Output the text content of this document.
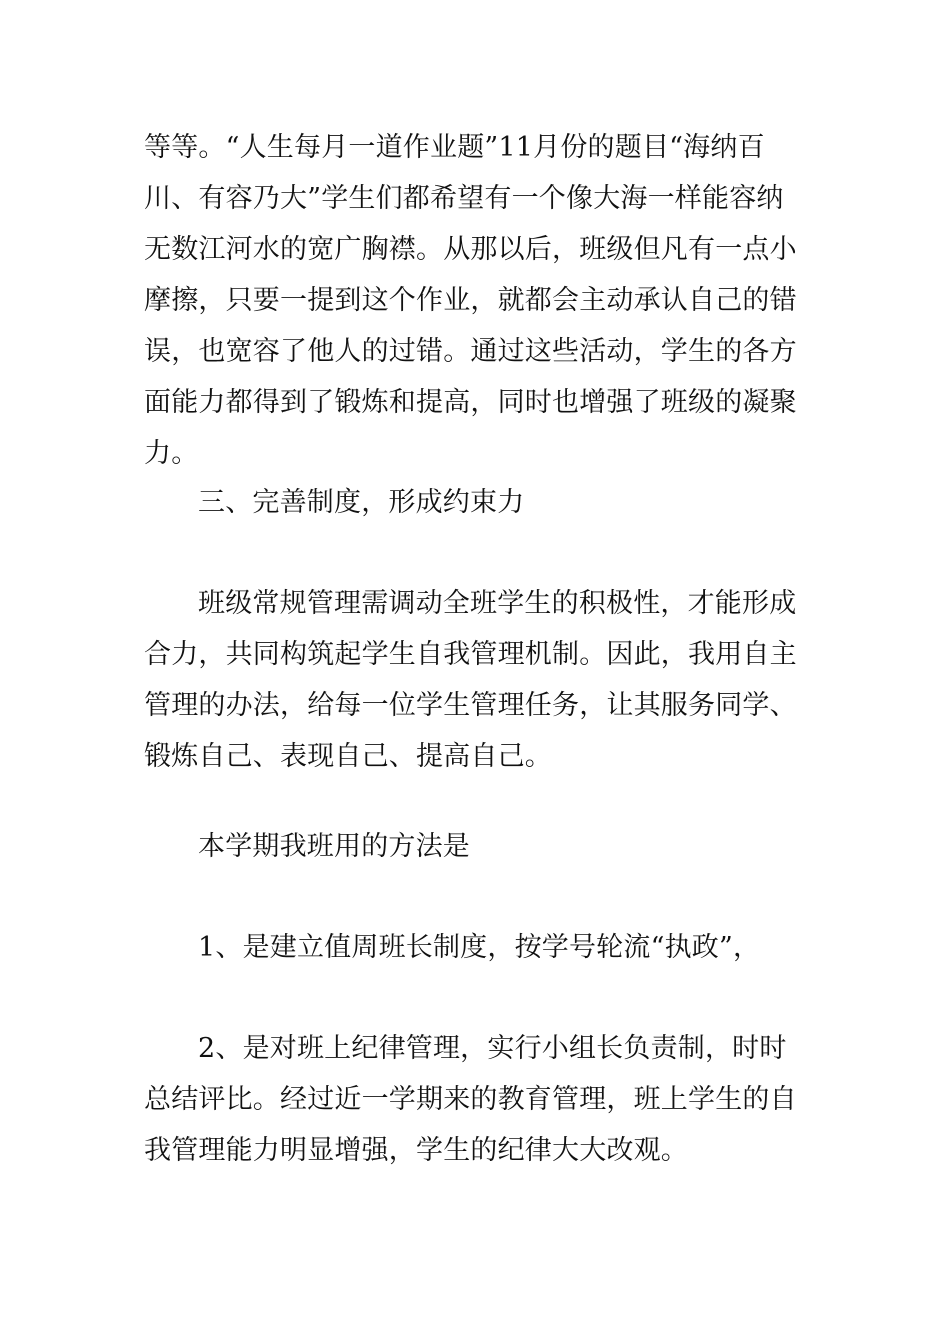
等等。“人生每月一道作业题”11月份的题目“海纳百川、有容乃大”学生们都希望有一个像大海一样能容纳无数江河水的宽广胸襟。从那以后，班级但凡有一点小摩擦，只要一提到这个作业，就都会主动承认自己的错误，也宽容了他人的过错。通过这些活动，学生的各方面能力都得到了锻炼和提高，同时也增强了班级的凝聚力。

三、完善制度，形成约束力

班级常规管理需调动全班学生的积极性，才能形成合力，共同构筑起学生自我管理机制。因此，我用自主管理的办法，给每一位学生管理任务，让其服务同学、锻炼自己、表现自己、提高自己。

本学期我班用的方法是

1、是建立值周班长制度，按学号轮流“执政”，

2、是对班上纪律管理，实行小组长负责制，时时总结评比。经过近一学期来的教育管理，班上学生的自我管理能力明显增强，学生的纪律大大改观。
